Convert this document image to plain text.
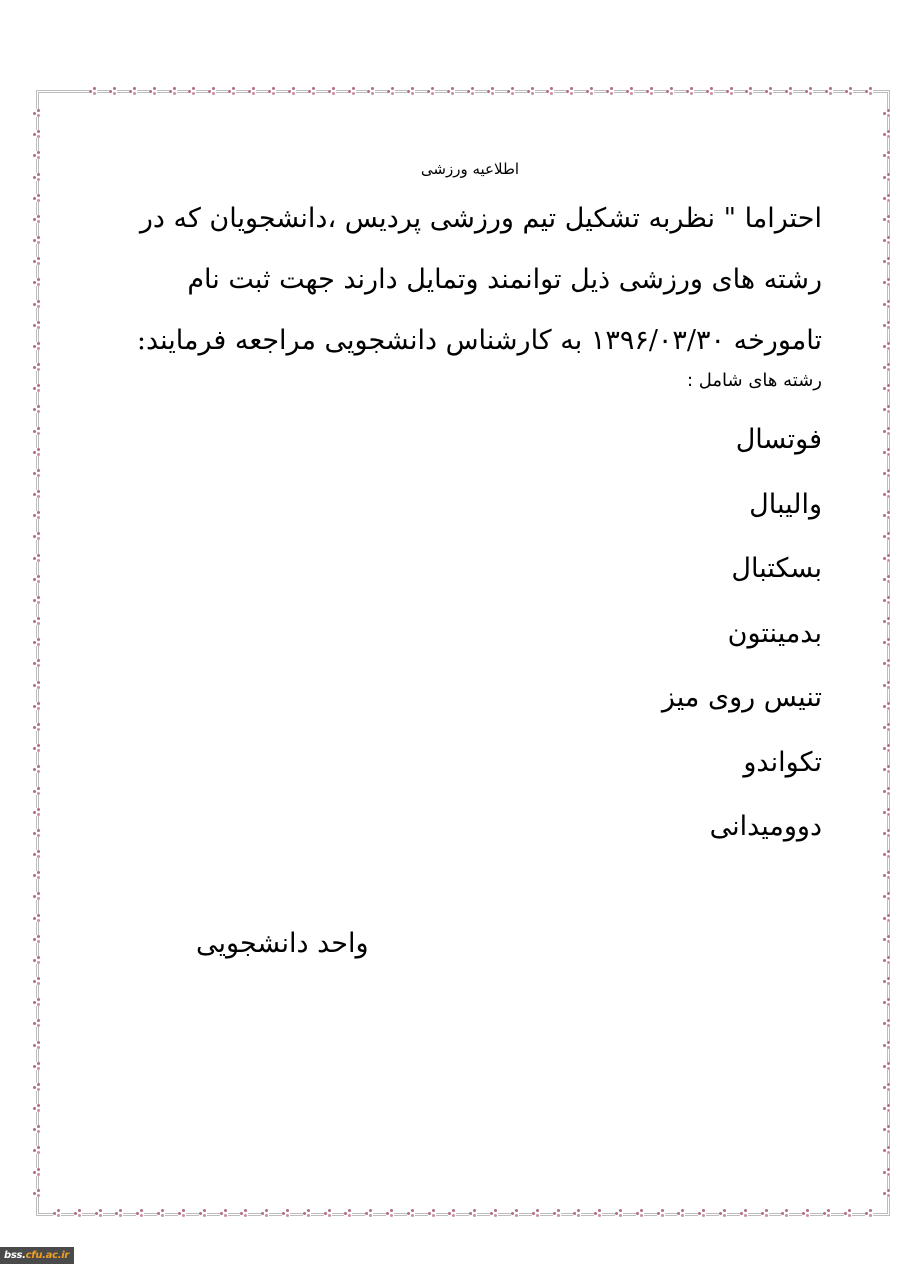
اطلاعیه ورزشی

احتراما " نظربه تشکیل تیم ورزشی پردیس ،دانشجویان که در

رشته های ورزشی ذیل توانمند وتمایل دارند جهت ثبت نام

تامورخه ۱۳۹۶/۰۳/۳۰ به کارشناس دانشجویی مراجعه فرمایند:

رشته های شامل :
فوتسال
والیبال
بسکتبال
بدمینتون
تنیس روی میز
تکواندو
دوومیدانی
واحد دانشجویی
bss.cfu.ac.ir
